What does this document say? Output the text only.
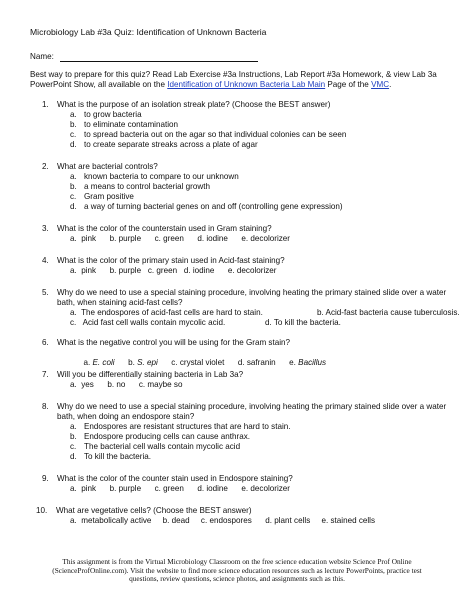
Microbiology Lab #3a Quiz: Identification of Unknown Bacteria
Name:
Best way to prepare for this quiz? Read Lab Exercise #3a Instructions, Lab Report #3a Homework, & view Lab 3a PowerPoint Show, all available on the Identification of Unknown Bacteria Lab Main Page of the VMC.
1.	What is the purpose of an isolation streak plate? (Choose the BEST answer)
a. to grow bacteria
b. to eliminate contamination
c. to spread bacteria out on the agar so that individual colonies can be seen
d. to create separate streaks across a plate of agar
2.	What are bacterial controls?
a. known bacteria to compare to our unknown
b. a means to control bacterial growth
c. Gram positive
d. a way of turning bacterial genes on and off (controlling gene expression)
3.	What is the color of the counterstain used in Gram staining?
a.  pink      b. purple      c. green      d. iodine      e. decolorizer
4.	What is the color of the primary stain used in Acid-fast staining?
a.  pink      b. purple   c. green   d. iodine      e. decolorizer
5.	Why do we need to use a special staining procedure, involving heating the primary stained slide over a water bath, when staining acid-fast cells?
a.  The endospores of acid-fast cells are hard to stain.	b. Acid-fast bacteria cause tuberculosis.
c.   Acid fast cell walls contain mycolic acid.	d. To kill the bacteria.
6.	What is the negative control you will be using for the Gram stain?

a. E. coli b. S. epi c. crystal violet d. safranin e. Bacillus

7.	Will you be differentially staining bacteria in Lab 3a?
a.  yes      b. no      c. maybe so
8.	Why do we need to use a special staining procedure, involving heating the primary stained slide over a water bath, when doing an endospore stain?
a. Endospores are resistant structures that are hard to stain.
b. Endospore producing cells can cause anthrax.
c. The bacterial cell walls contain mycolic acid
d. To kill the bacteria.
9.	What is the color of the counter stain used in Endospore staining?
a.  pink      b. purple      c. green      d. iodine      e. decolorizer
10.	What are vegetative cells? (Choose the BEST answer)
a.  metabolically active     b. dead     c. endospores      d. plant cells     e. stained cells
This assignment is from the Virtual Microbiology Classroom on the free science education website Science Prof Online (ScienceProfOnline.com). Visit the website to find more science education resources such as lecture PowerPoints, practice test questions, review questions, science photos, and assignments such as this.
